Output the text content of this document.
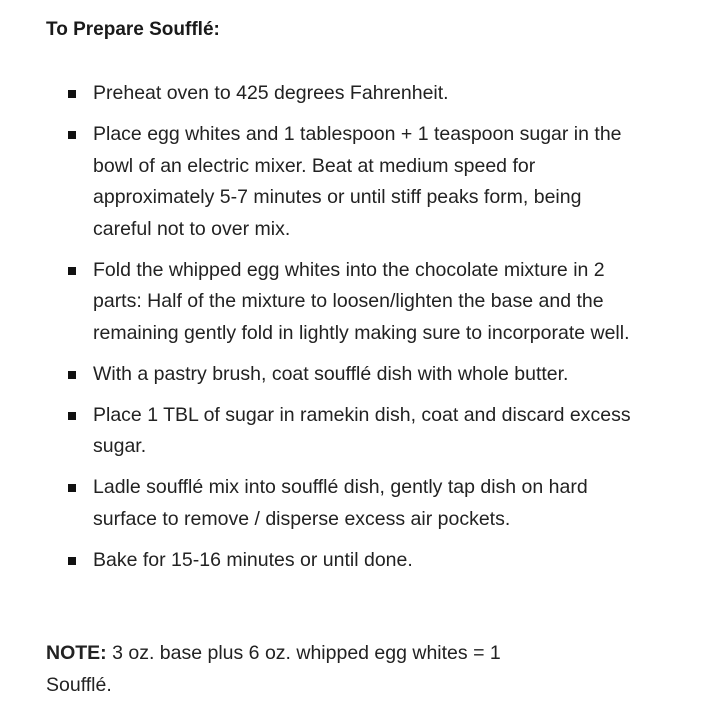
To Prepare Soufflé:
Preheat oven to 425 degrees Fahrenheit.
Place egg whites and 1 tablespoon + 1 teaspoon sugar in the bowl of an electric mixer. Beat at medium speed for approximately 5-7 minutes or until stiff peaks form, being careful not to over mix.
Fold the whipped egg whites into the chocolate mixture in 2 parts: Half of the mixture to loosen/lighten the base and the remaining gently fold in lightly making sure to incorporate well.
With a pastry brush, coat soufflé dish with whole butter.
Place 1 TBL of sugar in ramekin dish, coat and discard excess sugar.
Ladle soufflé mix into soufflé dish, gently tap dish on hard surface to remove / disperse excess air pockets.
Bake for 15-16 minutes or until done.
NOTE: 3 oz. base plus 6 oz. whipped egg whites = 1 Soufflé.
